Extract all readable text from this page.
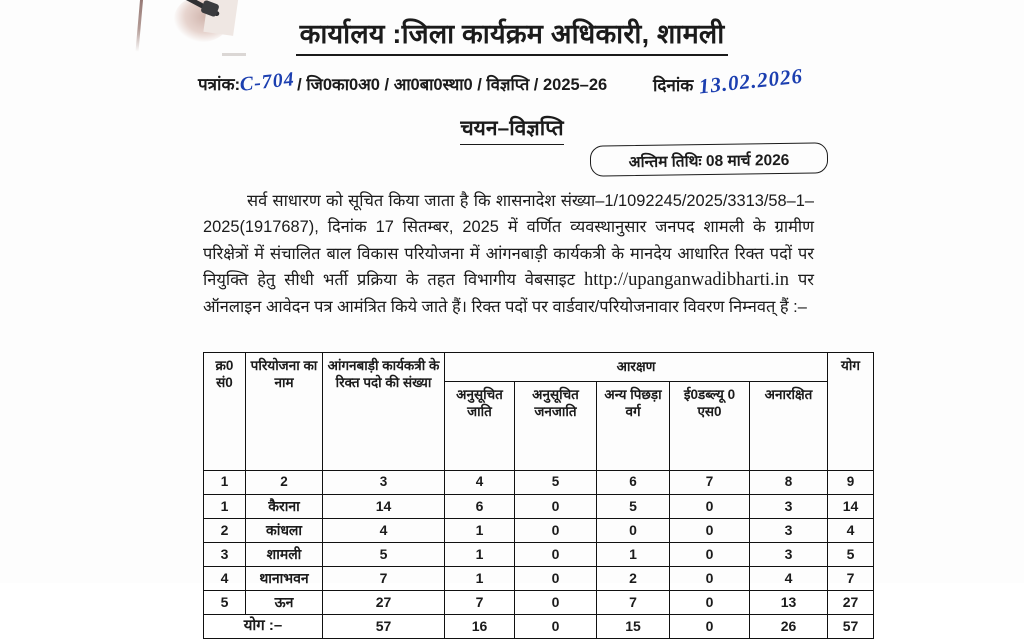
कार्यालय :जिला कार्यक्रम अधिकारी, शामली
पत्रांक:C-704/ जि0का0अ0 / आ0बा0स्था0 / विज्ञप्ति / 2025–26	दिनांक 13.02.2026
चयन–विज्ञप्ति
अन्तिम तिथिः 08 मार्च 2026
सर्व साधारण को सूचित किया जाता है कि शासनादेश संख्या–1/1092245/2025/3313/58–1–2025(1917687), दिनांक 17 सितम्बर, 2025 में वर्णित व्यवस्थानुसार जनपद शामली के ग्रामीण परिक्षेत्रों में संचालित बाल विकास परियोजना में आंगनबाड़ी कार्यकत्री के मानदेय आधारित रिक्त पदों पर नियुक्ति हेतु सीधी भर्ती प्रक्रिया के तहत विभागीय वेबसाइट http://upanganwadibharti.in पर ऑनलाइन आवेदन पत्र आमंत्रित किये जाते हैं। रिक्त पदों पर वार्डवार/परियोजनावार विवरण निम्नवत् हैं :–
क्र0 सं0	परियोजना का नाम	आंगनबाड़ी कार्यकत्री के रिक्त पदो की संख्या	आरक्षण					योग
			अनुसूचित जाति	अनुसूचित जनजाति	अन्य पिछड़ा वर्ग	ई0डब्ल्यू 0 एस0	अनारक्षित	
1	2	3	4	5	6	7	8	9
1	कैराना	14	6	0	5	0	3	14
2	कांधला	4	1	0	0	0	3	4
3	शामली	5	1	0	1	0	3	5
4	थानाभवन	7	1	0	2	0	4	7
5	ऊन	27	7	0	7	0	13	27
योग :–		57	16	0	15	0	26	57
